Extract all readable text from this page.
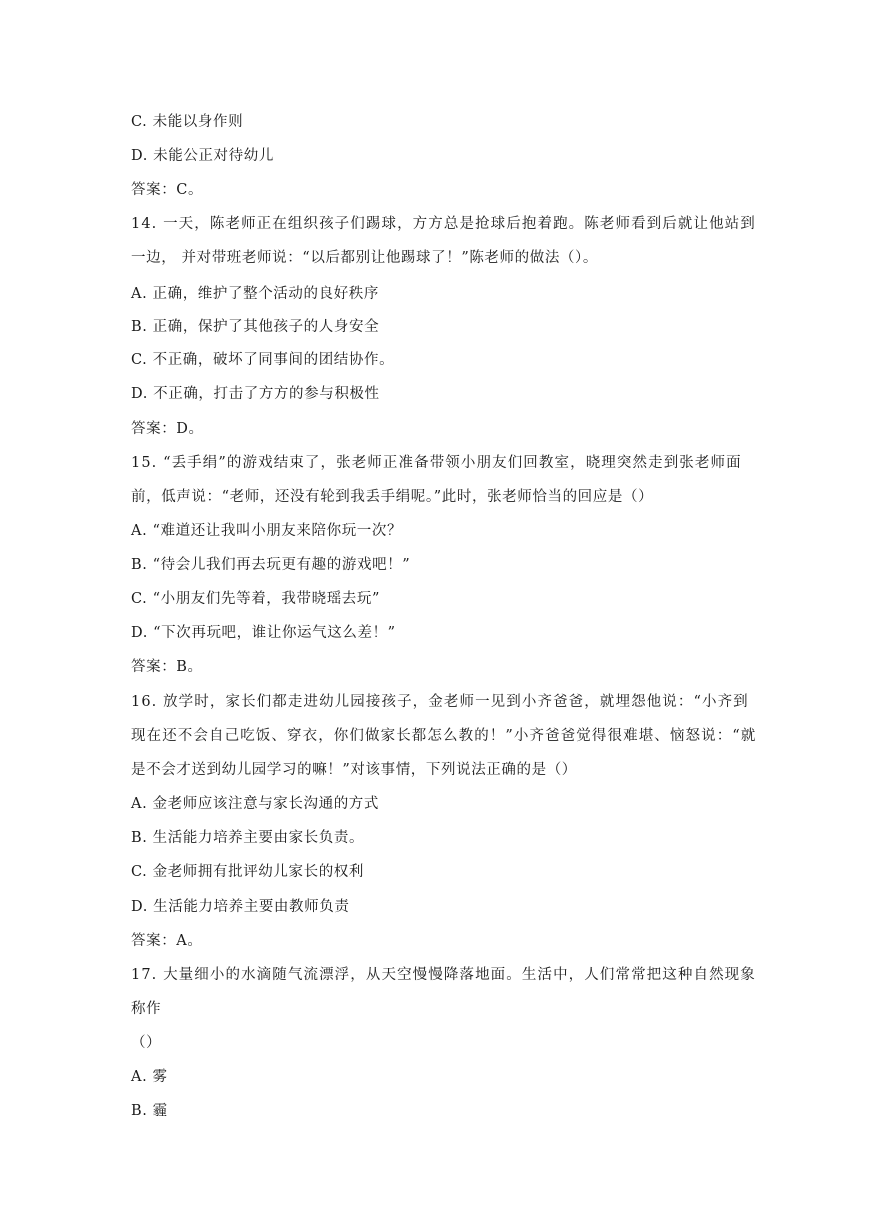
C. 未能以身作则
D. 未能公正对待幼儿
答案：C。
14. 一天，陈老师正在组织孩子们踢球，方方总是抢球后抱着跑。陈老师看到后就让他站到
一边， 并对带班老师说：“以后都别让他踢球了！”陈老师的做法（）。
A. 正确，维护了整个活动的良好秩序
B. 正确，保护了其他孩子的人身安全
C. 不正确，破坏了同事间的团结协作。
D. 不正确，打击了方方的参与积极性
答案：D。
15. “丢手绢”的游戏结束了，张老师正准备带领小朋友们回教室，晓理突然走到张老师面
前，低声说：“老师，还没有轮到我丢手绢呢。”此时，张老师恰当的回应是（）
A. “难道还让我叫小朋友来陪你玩一次？
B. “待会儿我们再去玩更有趣的游戏吧！”
C. “小朋友们先等着，我带晓瑶去玩”
D. “下次再玩吧，谁让你运气这么差！”
答案：B。
16. 放学时，家长们都走进幼儿园接孩子，金老师一见到小齐爸爸，就埋怨他说：“小齐到
现在还不会自己吃饭、穿衣，你们做家长都怎么教的！”小齐爸爸觉得很难堪、恼怒说：“就
是不会才送到幼儿园学习的嘛！”对该事情，下列说法正确的是（）
A. 金老师应该注意与家长沟通的方式
B. 生活能力培养主要由家长负责。
C. 金老师拥有批评幼儿家长的权利
D. 生活能力培养主要由教师负责
答案：A。
17. 大量细小的水滴随气流漂浮，从天空慢慢降落地面。生活中，人们常常把这种自然现象
称作
（）
A. 雾
B. 霾
